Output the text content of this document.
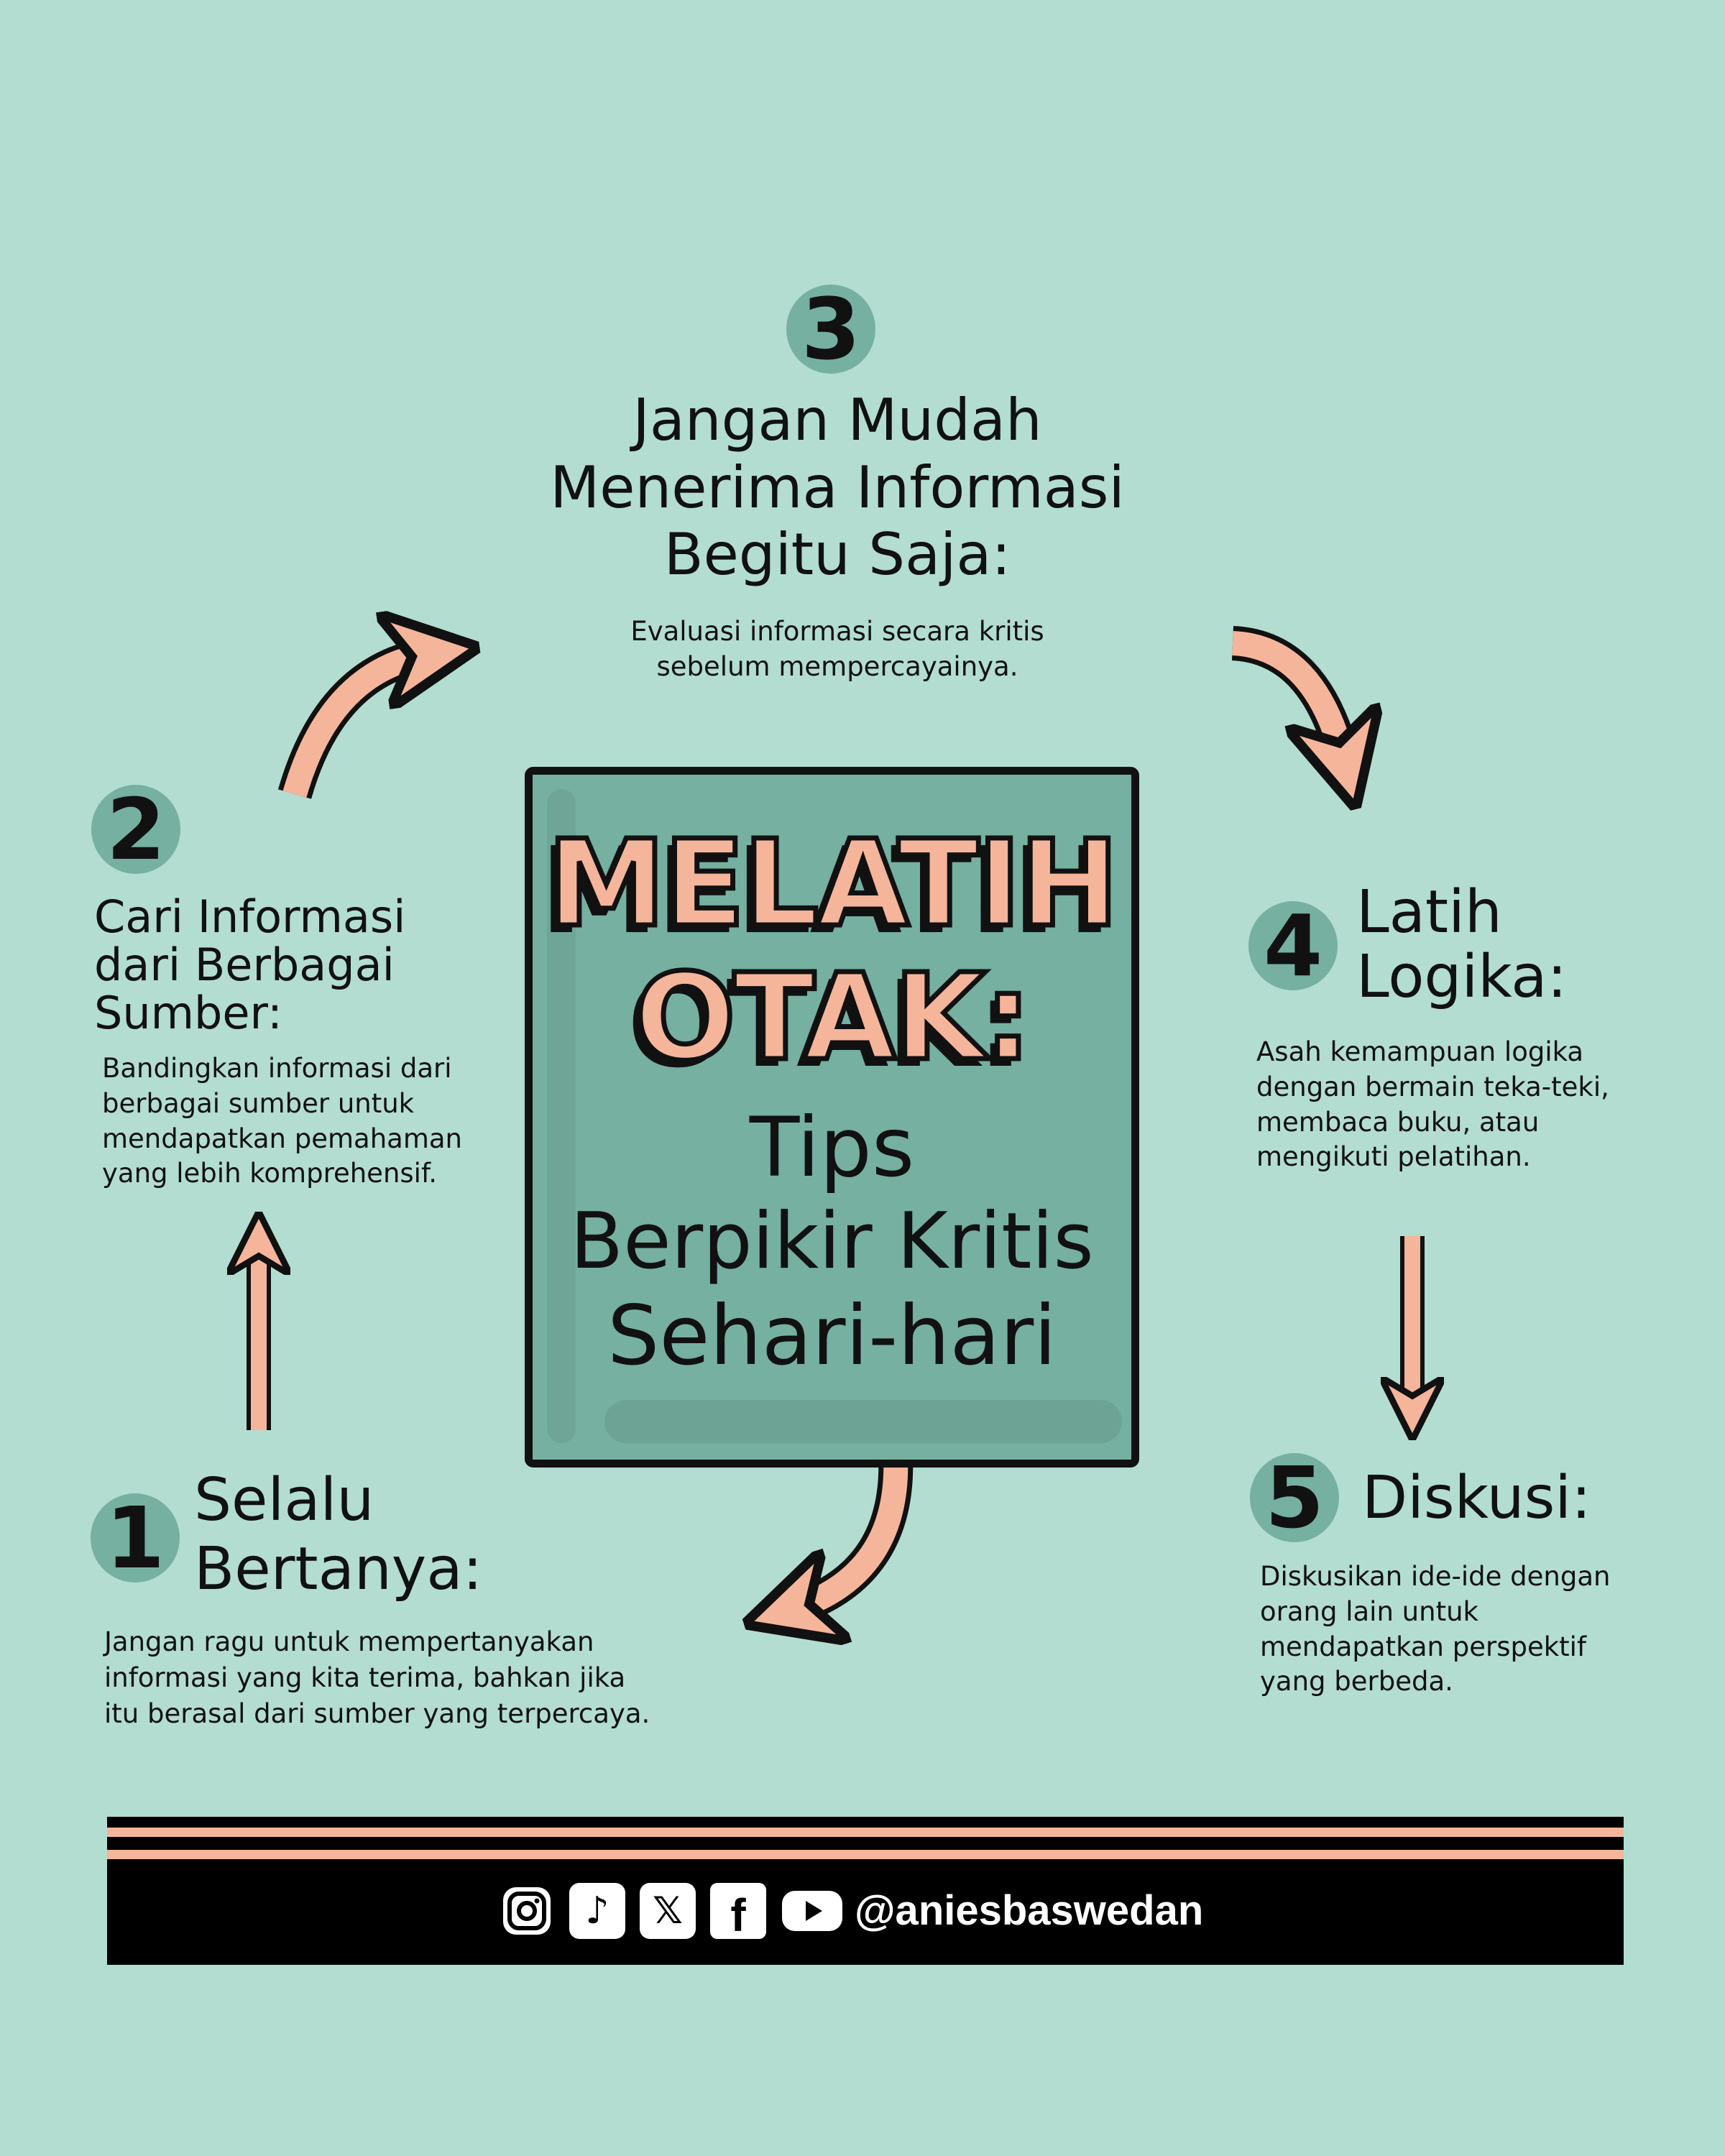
3
Jangan Mudah
Menerima Informasi
Begitu Saja:
Evaluasi informasi secara kritis
sebelum mempercayainya.
2
Cari Informasi
dari Berbagai
Sumber:
Bandingkan informasi dari
berbagai sumber untuk
mendapatkan pemahaman
yang lebih komprehensif.
4 Latih
Logika:
Asah kemampuan logika
dengan bermain teka-teki,
membaca buku, atau
mengikuti pelatihan.
1 Selalu
Bertanya:
Jangan ragu untuk mempertanyakan
informasi yang kita terima, bahkan jika
itu berasal dari sumber yang terpercaya.
5 Diskusi:
Diskusikan ide-ide dengan
orang lain untuk
mendapatkan perspektif
yang berbeda.
MELATIH
OTAK:
Tips
Berpikir Kritis
Sehari-hari
♪ 𝕏 f	@aniesbaswedan
